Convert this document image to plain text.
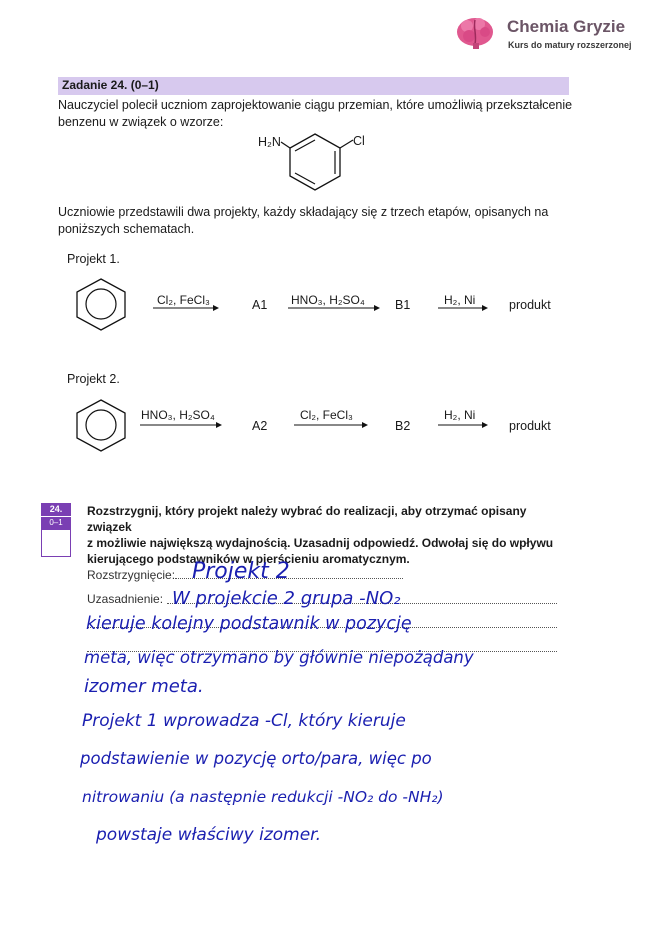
Chemia Gryzie
Kurs do matury rozszerzonej
Zadanie 24. (0–1)
Nauczyciel polecił uczniom zaprojektowanie ciągu przemian, które umożliwią przekształcenie
benzenu w związek o wzorze:
H₂N	Cl
Uczniowie przedstawili dwa projekty, każdy składający się z trzech etapów, opisanych na
poniższych schematach.
Projekt 1.
Cl₂, FeCl₃	A1 HNO₃, H₂SO₄ B1	H₂, Ni	produkt
Projekt 2.
HNO₃, H₂SO₄
A2
Cl₂, FeCl₃
B2
H₂, Ni
produkt
24.
0–1
Rozstrzygnij, który projekt należy wybrać do realizacji, aby otrzymać opisany związek
z możliwie największą wydajnością. Uzasadnij odpowiedź. Odwołaj się do wpływu
kierującego podstawników w pierścieniu aromatycznym.
Rozstrzygnięcie:
Uzasadnienie:
Projekt 2
W projekcie 2 grupa -NO₂
kieruje kolejny podstawnik w pozycję
meta, więc otrzymano by głównie niepożądany
izomer meta.
Projekt 1 wprowadza -Cl, który kieruje
podstawienie w pozycję orto/para, więc po
nitrowaniu (a następnie redukcji -NO₂ do -NH₂)
powstaje właściwy izomer.
